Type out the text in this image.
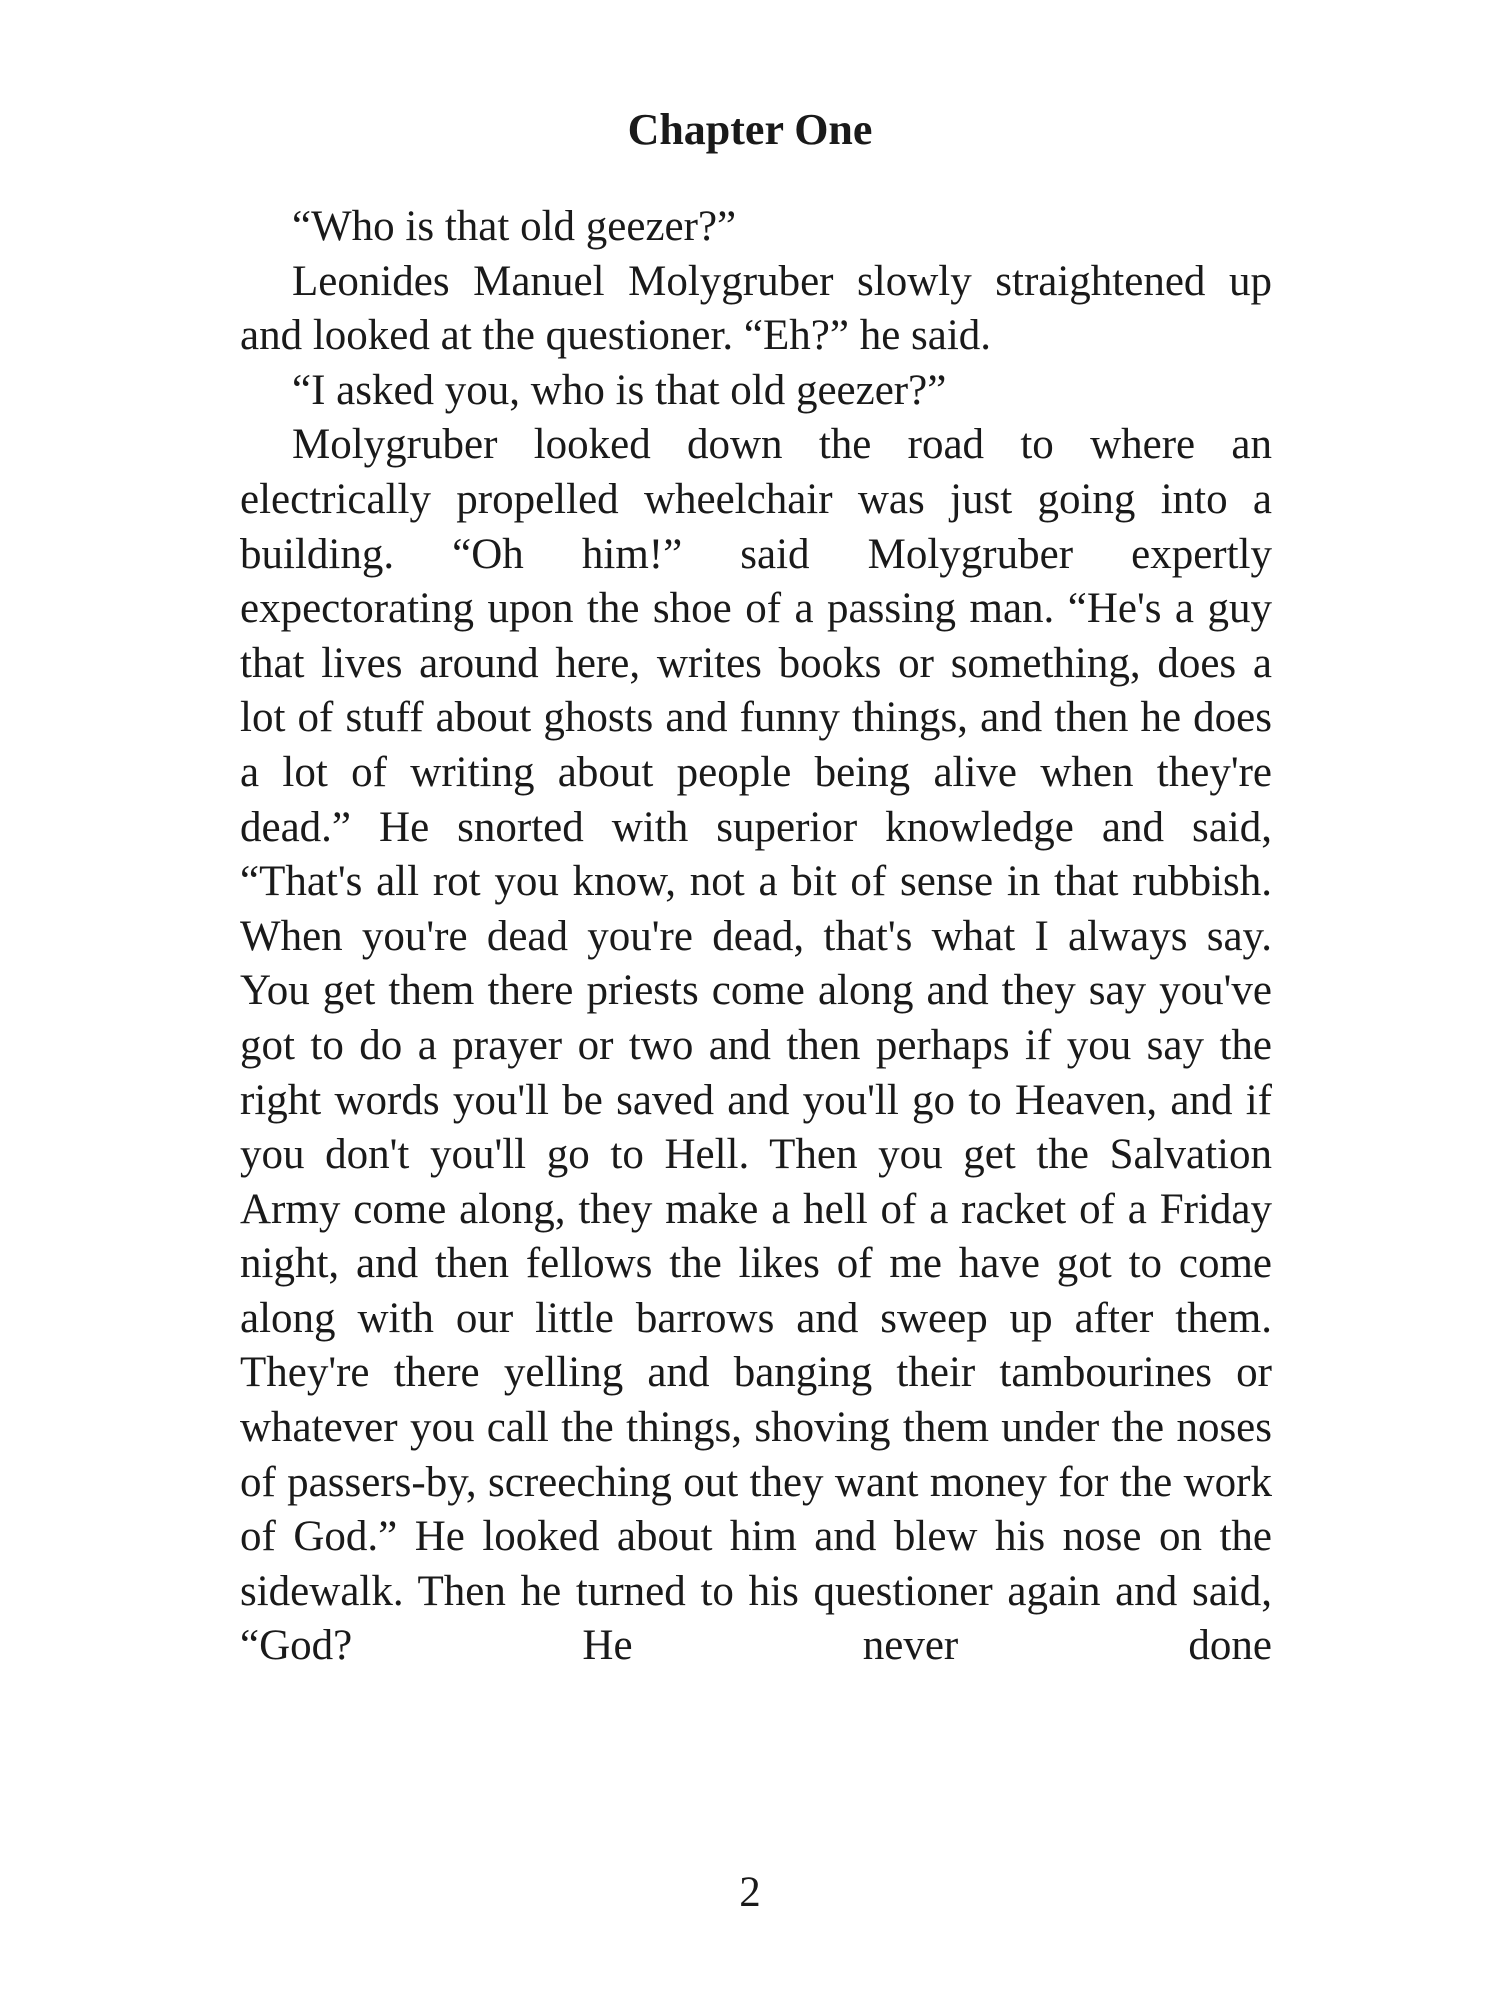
Chapter One

“Who is that old geezer?”

Leonides Manuel Molygruber slowly straightened up and looked at the questioner. “Eh?” he said.

“I asked you, who is that old geezer?”

Molygruber looked down the road to where an electrically propelled wheelchair was just going into a building. “Oh him!” said Molygruber expertly expectorating upon the shoe of a passing man. “He's a guy that lives around here, writes books or something, does a lot of stuff about ghosts and funny things, and then he does a lot of writing about people being alive when they're dead.” He snorted with superior knowledge and said, “That's all rot you know, not a bit of sense in that rubbish. When you're dead you're dead, that's what I always say. You get them there priests come along and they say you've got to do a prayer or two and then perhaps if you say the right words you'll be saved and you'll go to Heaven, and if you don't you'll go to Hell. Then you get the Salvation Army come along, they make a hell of a racket of a Friday night, and then fellows the likes of me have got to come along with our little barrows and sweep up after them. They're there yelling and banging their tambourines or whatever you call the things, shoving them under the noses of passers-by, screeching out they want money for the work of God.” He looked about him and blew his nose on the sidewalk. Then he turned to his questioner again and said, “God? He never done

2
